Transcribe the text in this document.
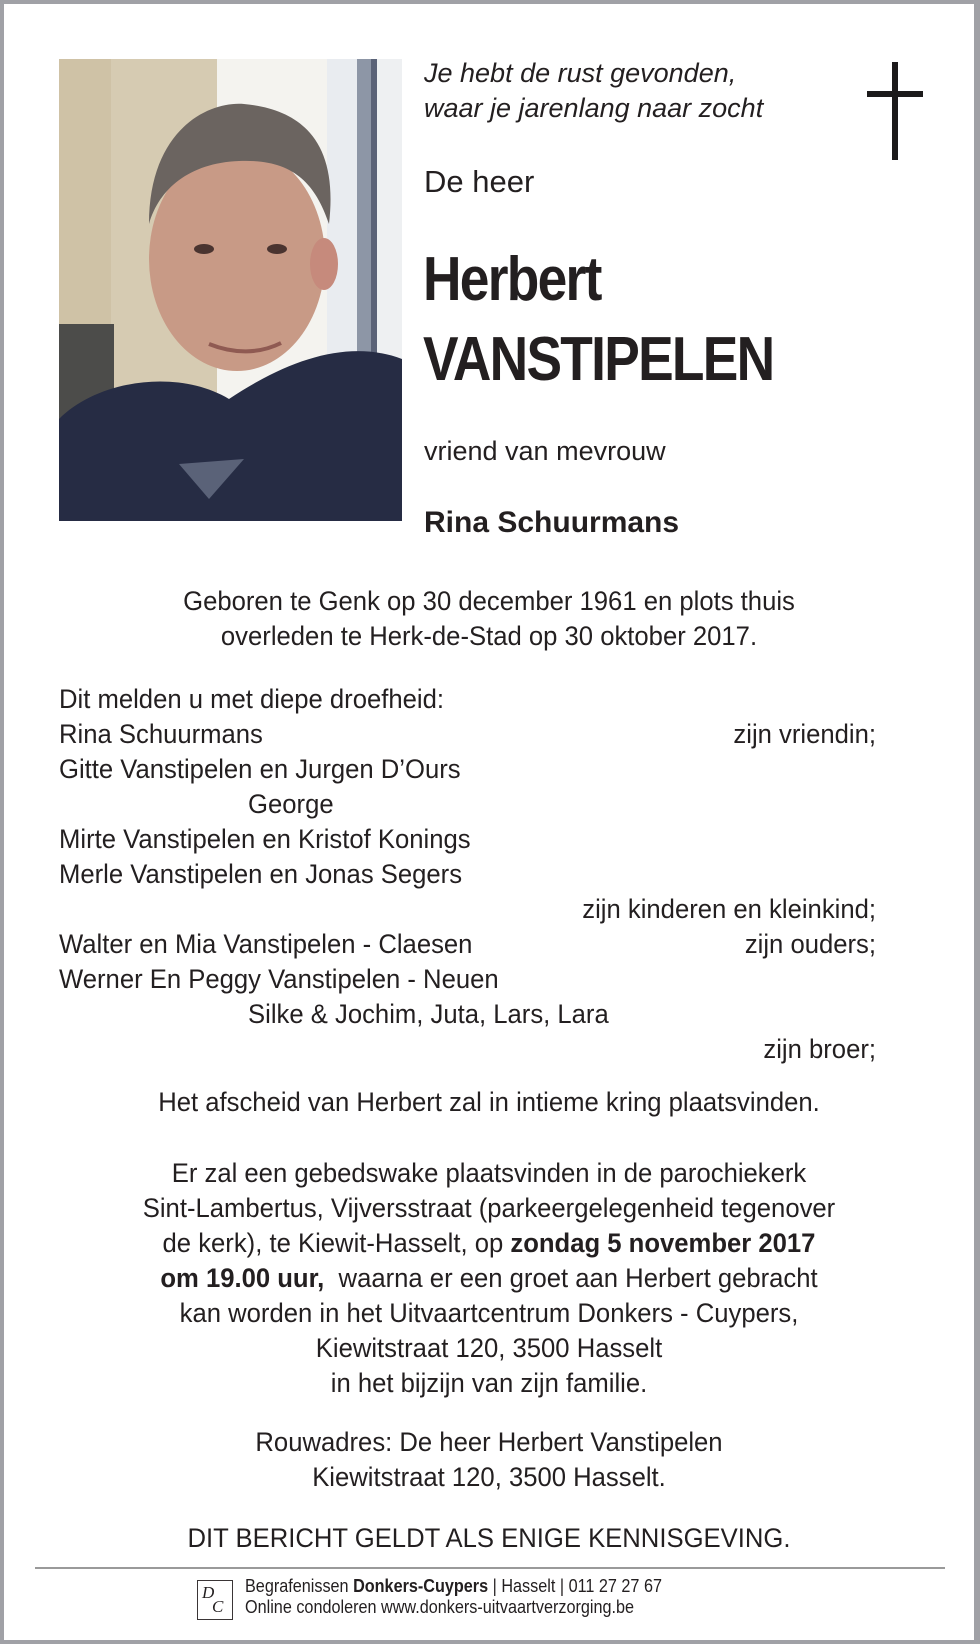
Je hebt de rust gevonden,
waar je jarenlang naar zocht
De heer
Herbert
VANSTIPELEN
vriend van mevrouw
Rina Schuurmans
Geboren te Genk op 30 december 1961 en plots thuis
overleden te Herk-de-Stad op 30 oktober 2017.
Dit melden u met diepe droefheid:
Rina Schuurmans	zijn vriendin;
Gitte Vanstipelen en Jurgen D’Ours
George
Mirte Vanstipelen en Kristof Konings
Merle Vanstipelen en Jonas Segers
zijn kinderen en kleinkind;
Walter en Mia Vanstipelen - Claesen	zijn ouders;
Werner En Peggy Vanstipelen - Neuen
Silke & Jochim, Juta, Lars, Lara
zijn broer;
Het afscheid van Herbert zal in intieme kring plaatsvinden.
Er zal een gebedswake plaatsvinden in de parochiekerk
Sint-Lambertus, Vijversstraat (parkeergelegenheid tegenover
de kerk), te Kiewit-Hasselt, op zondag 5 november 2017
om 19.00 uur,  waarna er een groet aan Herbert gebracht
kan worden in het Uitvaartcentrum Donkers - Cuypers,
Kiewitstraat 120, 3500 Hasselt
in het bijzijn van zijn familie.
Rouwadres: De heer Herbert Vanstipelen
Kiewitstraat 120, 3500 Hasselt.
DIT BERICHT GELDT ALS ENIGE KENNISGEVING.
D
C
Begrafenissen Donkers-Cuypers | Hasselt | 011 27 27 67
Online condoleren www.donkers-uitvaartverzorging.be
